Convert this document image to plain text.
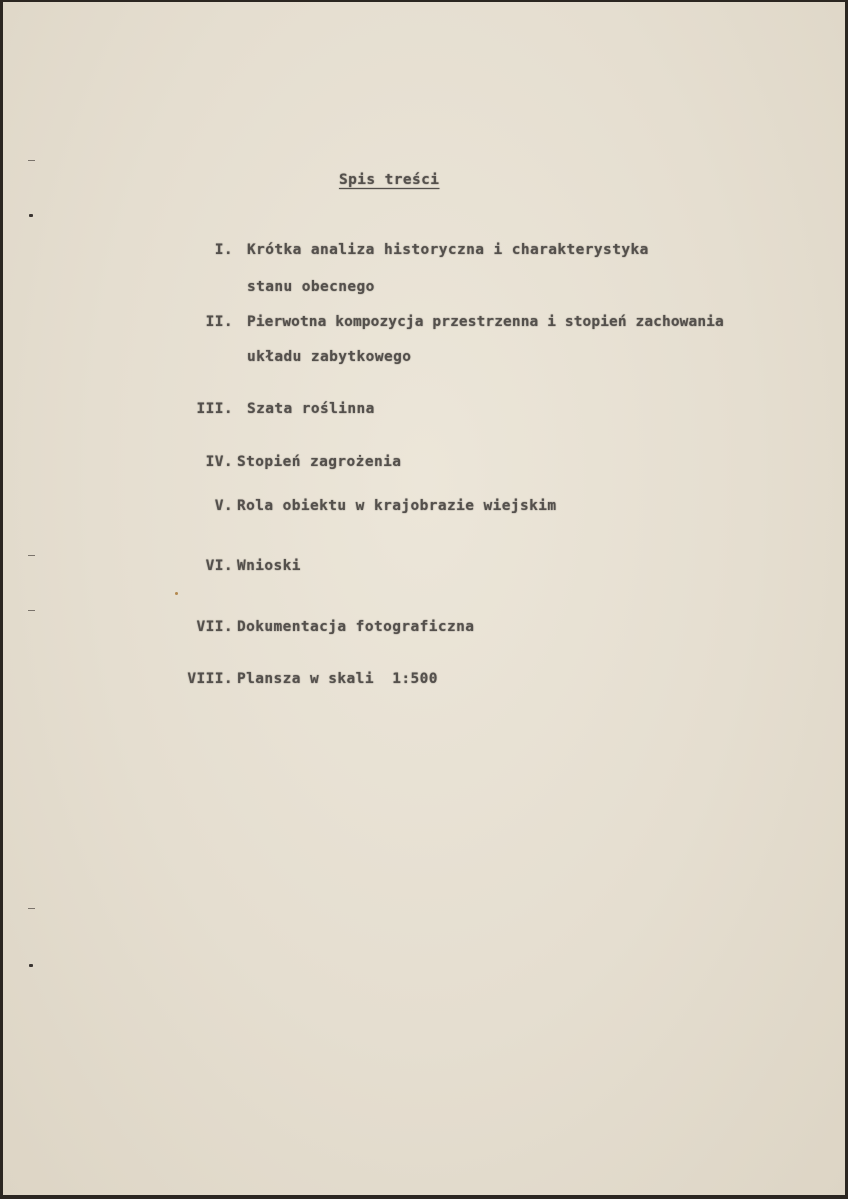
Spis treści
I. Krótka analiza historyczna i charakterystyka
stanu obecnego
II. Pierwotna kompozycja przestrzenna i stopień zachowania
układu zabytkowego
III. Szata roślinna
IV. Stopień zagrożenia
V. Rola obiektu w krajobrazie wiejskim
VI. Wnioski
VII. Dokumentacja fotograficzna
VIII. Plansza w skali  1:500
